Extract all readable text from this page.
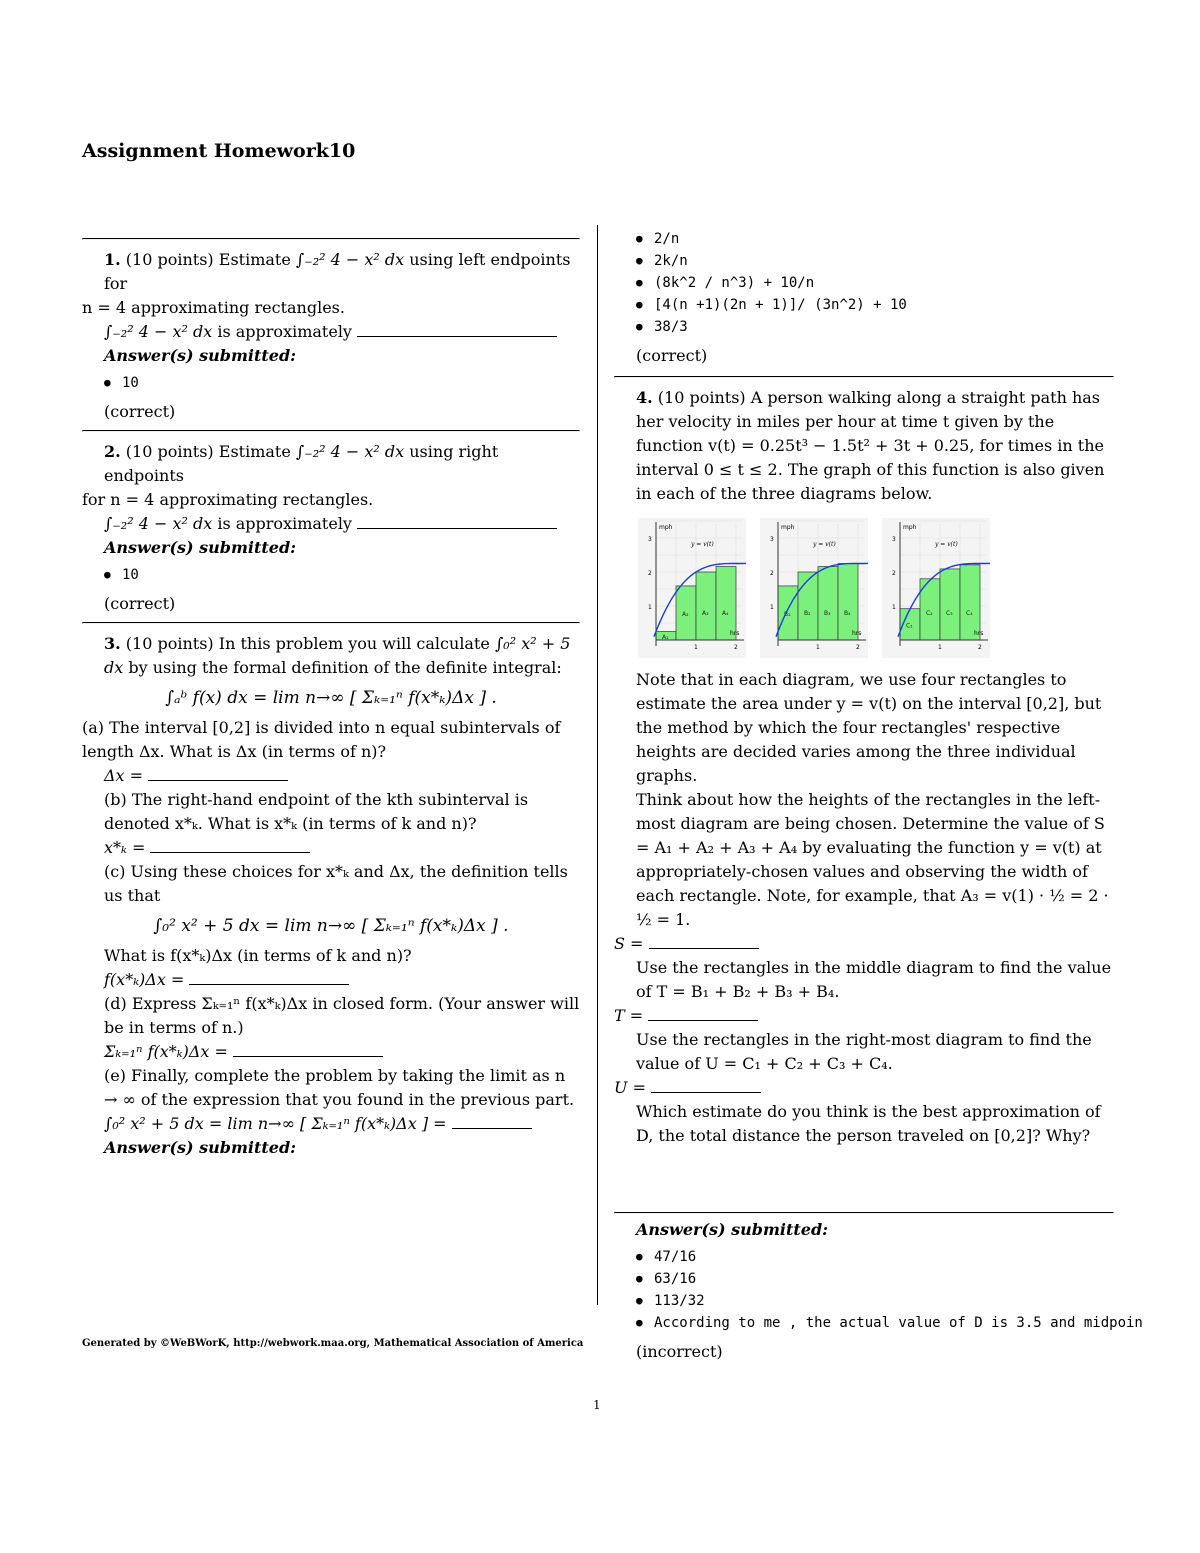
Assignment Homework10
1. (10 points) Estimate ∫₋₂² 4 − x² dx using left endpoints for
n = 4 approximating rectangles.
∫₋₂² 4 − x² dx is approximately
Answer(s) submitted:
● 10
(correct)
2. (10 points) Estimate ∫₋₂² 4 − x² dx using right endpoints
for n = 4 approximating rectangles.
∫₋₂² 4 − x² dx is approximately
Answer(s) submitted:
● 10
(correct)
3. (10 points) In this problem you will calculate ∫₀² x² + 5 dx by using the formal definition of the definite integral:
∫ₐᵇ f(x) dx = lim n→∞ [ Σₖ₌₁ⁿ f(x*ₖ)Δx ] .
(a) The interval [0,2] is divided into n equal subintervals of length Δx. What is Δx (in terms of n)?
Δx =
(b) The right-hand endpoint of the kth subinterval is denoted x*ₖ. What is x*ₖ (in terms of k and n)?
x*ₖ =
(c) Using these choices for x*ₖ and Δx, the definition tells us that
∫₀² x² + 5 dx = lim n→∞ [ Σₖ₌₁ⁿ f(x*ₖ)Δx ] .
What is f(x*ₖ)Δx (in terms of k and n)?
f(x*ₖ)Δx =
(d) Express Σₖ₌₁ⁿ f(x*ₖ)Δx in closed form. (Your answer will be in terms of n.)
Σₖ₌₁ⁿ f(x*ₖ)Δx =
(e) Finally, complete the problem by taking the limit as n → ∞ of the expression that you found in the previous part.
∫₀² x² + 5 dx = lim n→∞ [ Σₖ₌₁ⁿ f(x*ₖ)Δx ] =
Answer(s) submitted:
● 2/n
● 2k/n
● (8k^2 / n^3) + 10/n
● [4(n +1)(2n + 1)]/ (3n^2) + 10
● 38/3
(correct)
4. (10 points) A person walking along a straight path has her velocity in miles per hour at time t given by the function v(t) = 0.25t³ − 1.5t² + 3t + 0.25, for times in the interval 0 ≤ t ≤ 2. The graph of this function is also given in each of the three diagrams below.
A₁
A₂ A₃ A₄
1
2
3
1	2
mph
hrs
y = v(t)
B₁ B₂ B₃ B₄
1
2
3
1	2
mph
hrs
y = v(t)
C₁
C₂ C₃ C₄
1
2
3
1	2
mph
hrs
y = v(t)
Note that in each diagram, we use four rectangles to estimate the area under y = v(t) on the interval [0,2], but the method by which the four rectangles' respective heights are decided varies among the three individual graphs.
Think about how the heights of the rectangles in the left-most diagram are being chosen. Determine the value of S = A₁ + A₂ + A₃ + A₄ by evaluating the function y = v(t) at appropriately-chosen values and observing the width of each rectangle. Note, for example, that A₃ = v(1) · ½ = 2 · ½ = 1.
S =
Use the rectangles in the middle diagram to find the value of T = B₁ + B₂ + B₃ + B₄.
T =
Use the rectangles in the right-most diagram to find the value of U = C₁ + C₂ + C₃ + C₄.
U =
Which estimate do you think is the best approximation of D, the total distance the person traveled on [0,2]? Why?
Answer(s) submitted:
● 47/16
● 63/16
● 113/32
● According to me , the actual value of D is 3.5 and midpoin
(incorrect)
Generated by ©WeBWorK, http://webwork.maa.org, Mathematical Association of America
1
